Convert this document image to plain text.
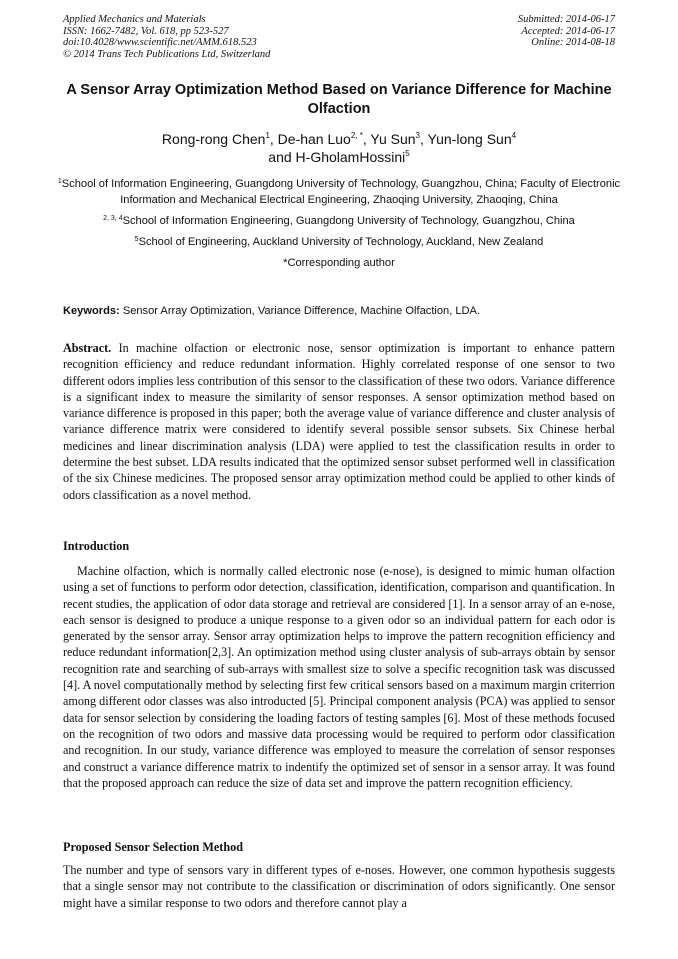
Applied Mechanics and Materials
ISSN: 1662-7482, Vol. 618, pp 523-527
doi:10.4028/www.scientific.net/AMM.618.523
© 2014 Trans Tech Publications Ltd, Switzerland
Submitted: 2014-06-17
Accepted: 2014-06-17
Online: 2014-08-18
A Sensor Array Optimization Method Based on Variance Difference for Machine Olfaction
Rong-rong Chen$^1$, De-han Luo$^{2, *}$, Yu Sun$^3$, Yun-long Sun$^4$
and H-GholamHossini$^5$

$^1$School of Information Engineering, Guangdong University of Technology, Guangzhou, China; Faculty of Electronic Information and Mechanical Electrical Engineering, Zhaoqing University, Zhaoqing, China

$^{2, 3, 4}$School of Information Engineering, Guangdong University of Technology, Guangzhou, China

$^5$School of Engineering, Auckland University of Technology, Auckland, New Zealand

*Corresponding author

Keywords: Sensor Array Optimization, Variance Difference, Machine Olfaction, LDA.
Abstract. In machine olfaction or electronic nose, sensor optimization is important to enhance pattern recognition efficiency and reduce redundant information. Highly correlated response of one sensor to two different odors implies less contribution of this sensor to the classification of these two odors. Variance difference is a significant index to measure the similarity of sensor responses. A sensor optimization method based on variance difference is proposed in this paper; both the average value of variance difference and cluster analysis of variance difference matrix were considered to identify several possible sensor subsets. Six Chinese herbal medicines and linear discrimination analysis (LDA) were applied to test the classification results in order to determine the best subset. LDA results indicated that the optimized sensor subset performed well in classification of the six Chinese medicines. The proposed sensor array optimization method could be applied to other kinds of odors classification as a novel method.
Introduction

Machine olfaction, which is normally called electronic nose (e-nose), is designed to mimic human olfaction using a set of functions to perform odor detection, classification, identification, comparison and quantification. In recent studies, the application of odor data storage and retrieval are considered [1]. In a sensor array of an e-nose, each sensor is designed to produce a unique response to a given odor so an individual pattern for each odor is generated by the sensor array. Sensor array optimization helps to improve the pattern recognition efficiency and reduce redundant information[2,3]. An optimization method using cluster analysis of sub-arrays obtain by sensor recognition rate and searching of sub-arrays with smallest size to solve a specific recognition task was discussed [4]. A novel computationally method by selecting first few critical sensors based on a maximum margin criterrion among different odor classes was also introducted [5]. Principal component analysis (PCA) was applied to sensor data for sensor selection by considering the loading factors of testing samples [6]. Most of these methods focused on the recognition of two odors and massive data processing would be required to perform odor classification and recognition. In our study, variance difference was employed to measure the correlation of sensor responses and construct a variance difference matrix to indentify the optimized set of sensor in a sensor array. It was found that the proposed approach can reduce the size of data set and improve the pattern recognition efficiency.

Proposed Sensor Selection Method

The number and type of sensors vary in different types of e-noses. However, one common hypothesis suggests that a single sensor may not contribute to the classification or discrimination of odors significantly. One sensor might have a similar response to two odors and therefore cannot play a
